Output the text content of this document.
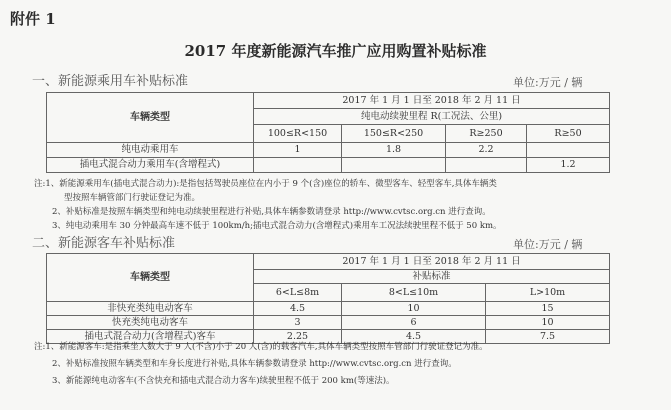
附件 1
2017 年度新能源汽车推广应用购置补贴标准
一、新能源乘用车补贴标准	单位:万元 / 辆
车辆类型	2017 年 1 月 1 日至 2018 年 2 月 11 日			
	纯电动续驶里程 R(工况法、公里)			
	100≤R<150	150≤R<250	R≥250	R≥50
纯电动乘用车	1	1.8	2.2	
插电式混合动力乘用车(含增程式)				1.2
注:1、新能源乘用车(插电式混合动力):是指包括驾驶员座位在内小于 9 个(含)座位的轿车、微型客车、轻型客车,具体车辆类
型按照车辆管部门行驶证登记为准。
2、补贴标准是按照车辆类型和纯电动续驶里程进行补贴,具体车辆参数请登录 http://www.cvtsc.org.cn 进行查询。
3、纯电动乘用车 30 分钟最高车速不低于 100km/h;插电式混合动力(含增程式)乘用车工况法续驶里程不低于 50 km。
二、新能源客车补贴标准	单位:万元 / 辆
车辆类型	2017 年 1 月 1 日至 2018 年 2 月 11 日		
	补贴标准		
	6<L≤8m	8<L≤10m	L>10m
非快充类纯电动客车	4.5	10	15
快充类纯电动客车	3	6	10
插电式混合动力(含增程式)客车	2.25	4.5	7.5
注:1、新能源客车:是指乘坐人数大于 9 人(不含)小于 20 人(含)的载客汽车,具体车辆类型按照车管部门行驶证登记为准。
2、补贴标准按照车辆类型和车身长度进行补贴,具体车辆参数请登录 http://www.cvtsc.org.cn 进行查询。
3、新能源纯电动客车(不含快充和插电式混合动力客车)续驶里程不低于 200 km(等速法)。
